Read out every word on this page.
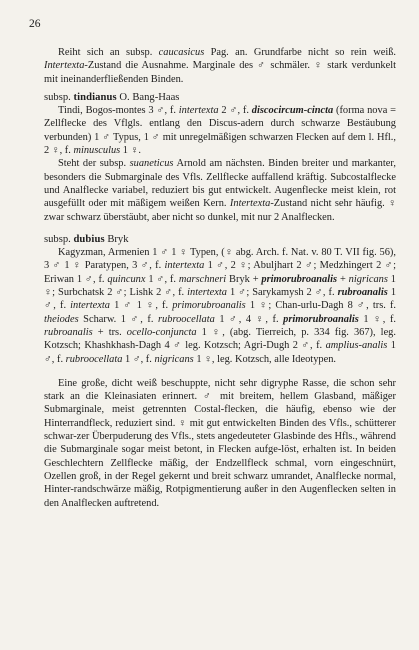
26

Reiht sich an subsp. caucasicus Pag. an. Grundfarbe nicht so rein weiß. Intertexta-Zustand die Ausnahme. Marginale des ♂ schmäler. ♀ stark verdunkelt mit ineinanderfließenden Binden.

subsp. tindianus O. Bang-Haas

Tindi, Bogos-montes 3 ♂, f. intertexta 2 ♂, f. discocircum-cincta (forma nova = Zellflecke des Vflgls. entlang den Discus-adern durch schwarze Bestäubung verbunden) 1 ♂ Typus, 1 ♂ mit unregelmäßigen schwarzen Flecken auf dem l. Hfl., 2 ♀, f. minusculus 1 ♀.

Steht der subsp. suaneticus Arnold am nächsten. Binden breiter und markanter, besonders die Submarginale des Vfls. Zellflecke auffallend kräftig. Subcostalflecke und Analflecke variabel, reduziert bis gut entwickelt. Augenflecke meist klein, rot ausgefüllt oder mit mäßigem weißen Kern. Intertexta-Zustand nicht sehr häufig. ♀ zwar schwarz überstäubt, aber nicht so dunkel, mit nur 2 Analflecken.

subsp. dubius Bryk

Kagyzman, Armenien 1 ♂ 1 ♀ Typen, (♀ abg. Arch. f. Nat. v. 80 T. VII fig. 56), 3 ♂ 1 ♀ Paratypen, 3 ♂, f. intertexta 1 ♂, 2 ♀; Abuljhart 2 ♂; Medzhingert 2 ♂; Eriwan 1 ♂, f. quincunx 1 ♂, f. marschneri Bryk + primorubroanalis + nigricans 1 ♀; Surbchatsk 2 ♂; Lishk 2 ♂, f. intertexta 1 ♂; Sarykamysh 2 ♂, f. rubroanalis 1 ♂, f. intertexta 1 ♂ 1 ♀, f. primorubroanalis 1 ♀; Chan-urlu-Dagh 8 ♂, trs. f. theiodes Scharw. 1 ♂, f. rubroocellata 1 ♂, 4 ♀, f. primorubroanalis 1 ♀, f. rubroanalis + trs. ocello-conjuncta 1 ♀, (abg. Tierreich, p. 334 fig. 367), leg. Kotzsch; Khashkhash-Dagh 4 ♂ leg. Kotzsch; Agri-Dugh 2 ♂, f. amplius-analis 1 ♂, f. rubroocellata 1 ♂, f. nigricans 1 ♀, leg. Kotzsch, alle Ideotypen.

Eine große, dicht weiß beschuppte, nicht sehr digryphe Rasse, die schon sehr stark an die Kleinasiaten erinnert. ♂ mit breitem, hellem Glasband, mäßiger Submarginale, meist getrennten Costal-flecken, die häufig, ebenso wie der Hinterrandfleck, reduziert sind. ♀ mit gut entwickelten Binden des Vfls., schütterer schwar-zer Überpuderung des Vfls., stets angedeuteter Glasbinde des Hfls., während die Submarginale sogar meist betont, in Flecken aufge-löst, erhalten ist. In beiden Geschlechtern Zellflecke mäßig, der Endzellfleck schmal, vorn eingeschnürt, Ozellen groß, in der Regel gekernt und breit schwarz umrandet, Analflecke normal, Hinter-randschwärze mäßig, Rotpigmentierung außer in den Augenflecken selten in den Analflecken auftretend.
